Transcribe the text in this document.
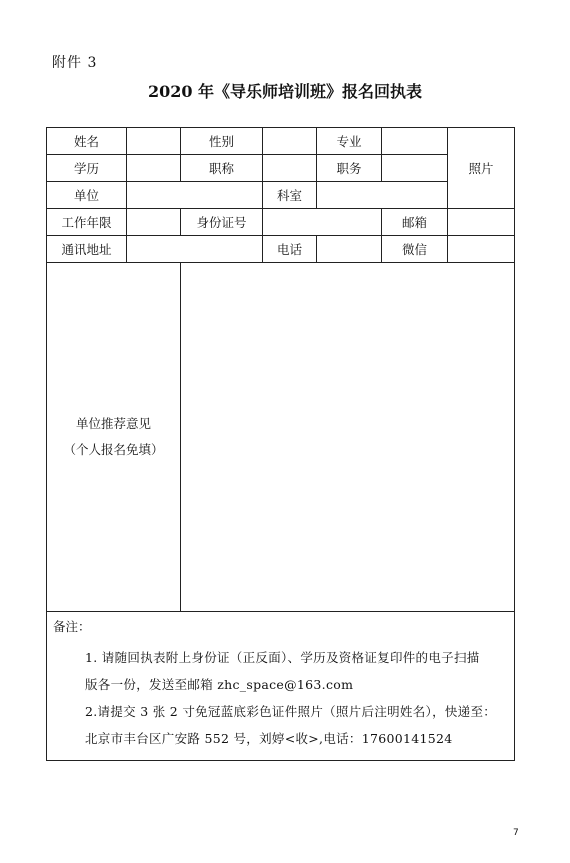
附件 3
2020 年《导乐师培训班》报名回执表
姓名		性别		专业		照片
学历		职称		职务		
单位			科室			
工作年限		身份证号			邮箱	
通讯地址			电话		微信	

单位推荐意见
（个人报名免填）						

备注：
1. 请随回执表附上身份证（正反面）、学历及资格证复印件的电子扫描
版各一份，发送至邮箱 zhc_space@163.com
2.请提交 3 张 2 寸免冠蓝底彩色证件照片（照片后注明姓名），快递至：
北京市丰台区广安路 552 号，刘婷<收>,电话：17600141524						
7
